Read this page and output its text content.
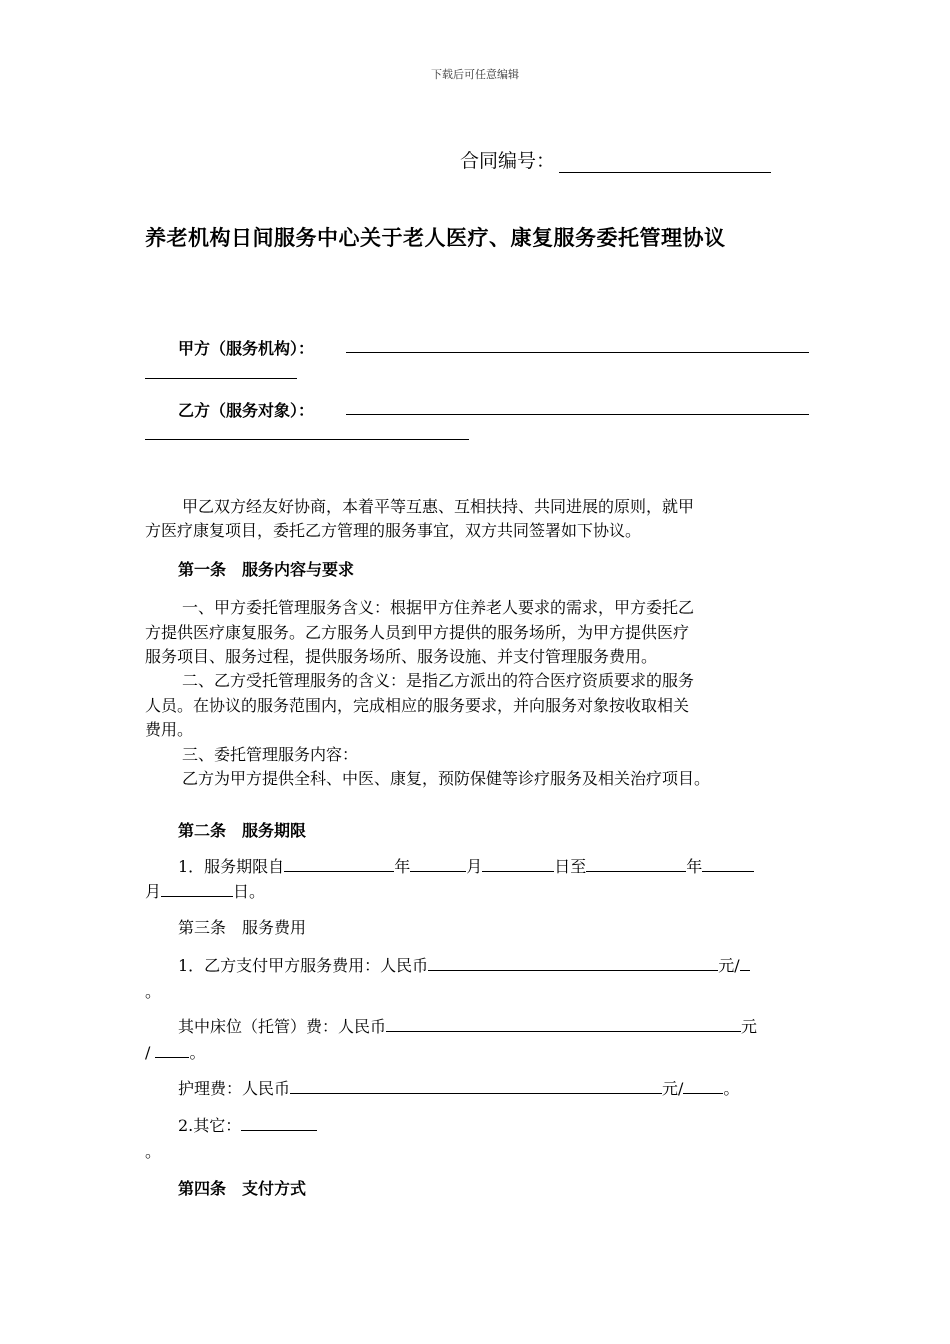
下载后可任意编辑
合同编号：
养老机构日间服务中心关于老人医疗、康复服务委托管理协议
甲方（服务机构）：
乙方（服务对象）：
甲乙双方经友好协商，本着平等互惠、互相扶持、共同进展的原则，就甲
方医疗康复项目，委托乙方管理的服务事宜，双方共同签署如下协议。
第一条　服务内容与要求
一、甲方委托管理服务含义：根据甲方住养老人要求的需求，甲方委托乙
方提供医疗康复服务。乙方服务人员到甲方提供的服务场所，为甲方提供医疗
服务项目、服务过程，提供服务场所、服务设施、并支付管理服务费用。
二、乙方受托管理服务的含义：是指乙方派出的符合医疗资质要求的服务
人员。在协议的服务范围内，完成相应的服务要求，并向服务对象按收取相关
费用。
三、委托管理服务内容：
乙方为甲方提供全科、中医、康复，预防保健等诊疗服务及相关治疗项目。
第二条　服务期限
1．服务期限自	年	月	日至	年
月	日。
第三条　服务费用
1．乙方支付甲方服务费用：人民币	元/
。
其中床位（托管）费：人民币	元
/ 。
护理费：人民币	元/	。
2.其它：
。
第四条　支付方式
